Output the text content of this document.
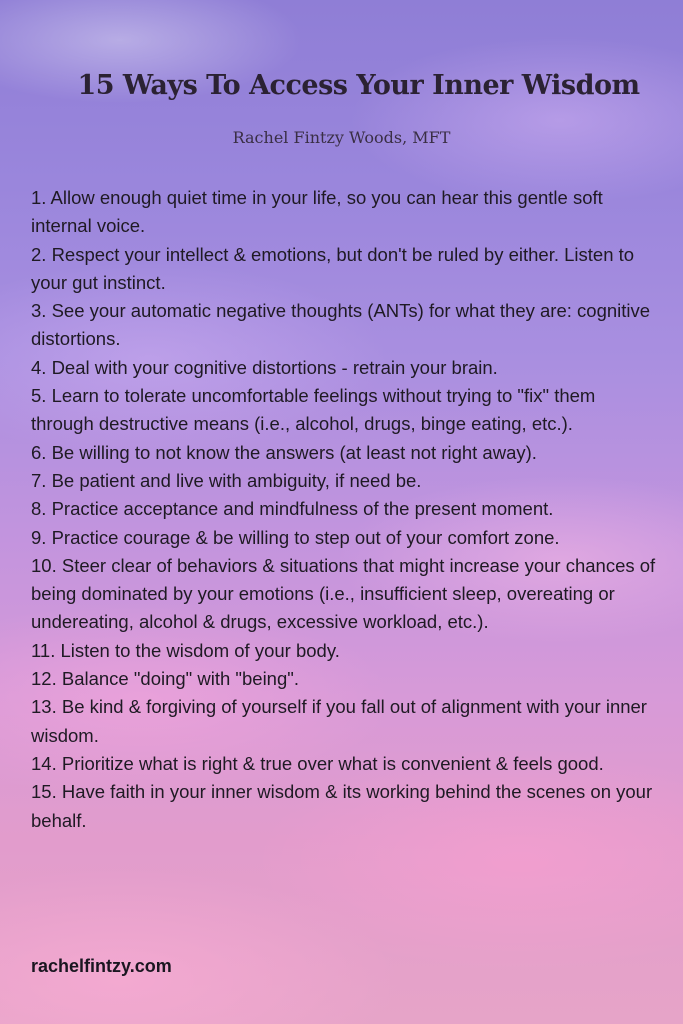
15 Ways To Access Your Inner Wisdom

Rachel Fintzy Woods, MFT

1. Allow enough quiet time in your life, so you can hear this gentle soft internal voice.
2. Respect your intellect & emotions, but don't be ruled by either. Listen to your gut instinct.
3. See your automatic negative thoughts (ANTs) for what they are: cognitive distortions.
4. Deal with your cognitive distortions - retrain your brain.
5. Learn to tolerate uncomfortable feelings without trying to "fix" them through destructive means (i.e., alcohol, drugs, binge eating, etc.).
6. Be willing to not know the answers (at least not right away).
7. Be patient and live with ambiguity, if need be.
8. Practice acceptance and mindfulness of the present moment.
9. Practice courage & be willing to step out of your comfort zone.
10. Steer clear of behaviors & situations that might increase your chances of being dominated by your emotions (i.e., insufficient sleep, overeating or undereating, alcohol & drugs, excessive workload, etc.).
11. Listen to the wisdom of your body.
12. Balance "doing" with "being".
13. Be kind & forgiving of yourself if you fall out of alignment with your inner wisdom.
14. Prioritize what is right & true over what is convenient & feels good.
15. Have faith in your inner wisdom & its working behind the scenes on your behalf.

rachelfintzy.com
